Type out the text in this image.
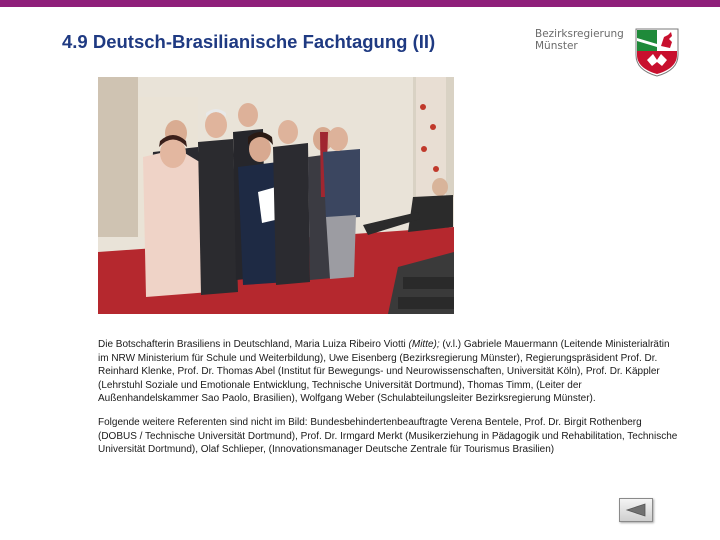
4.9 Deutsch-Brasilianische Fachtagung (II)	Bezirksregierung
Münster

Die Botschafterin Brasiliens in Deutschland, Maria Luiza Ribeiro Viotti (Mitte); (v.l.) Gabriele Mauermann (Leitende Ministerialrätin im NRW Ministerium für Schule und Weiterbildung), Uwe Eisenberg (Bezirksregierung Münster), Regierungspräsident Prof. Dr. Reinhard Klenke, Prof. Dr. Thomas Abel (Institut für Bewegungs- und Neurowissenschaften, Universität Köln), Prof. Dr. Käppler (Lehrstuhl Soziale und Emotionale Entwicklung, Technische Universität Dortmund), Thomas Timm, (Leiter der Außenhandelskammer Sao Paolo, Brasilien), Wolfgang Weber (Schulabteilungsleiter Bezirksregierung Münster).

Folgende weitere Referenten sind nicht im Bild: Bundesbehindertenbeauftragte Verena Bentele, Prof. Dr. Birgit Rothenberg (DOBUS / Technische Universität Dortmund), Prof. Dr. Irmgard Merkt (Musikerziehung in Pädagogik und Rehabilitation, Technische Universität Dortmund), Olaf Schlieper, (Innovationsmanager Deutsche Zentrale für Tourismus Brasilien)
